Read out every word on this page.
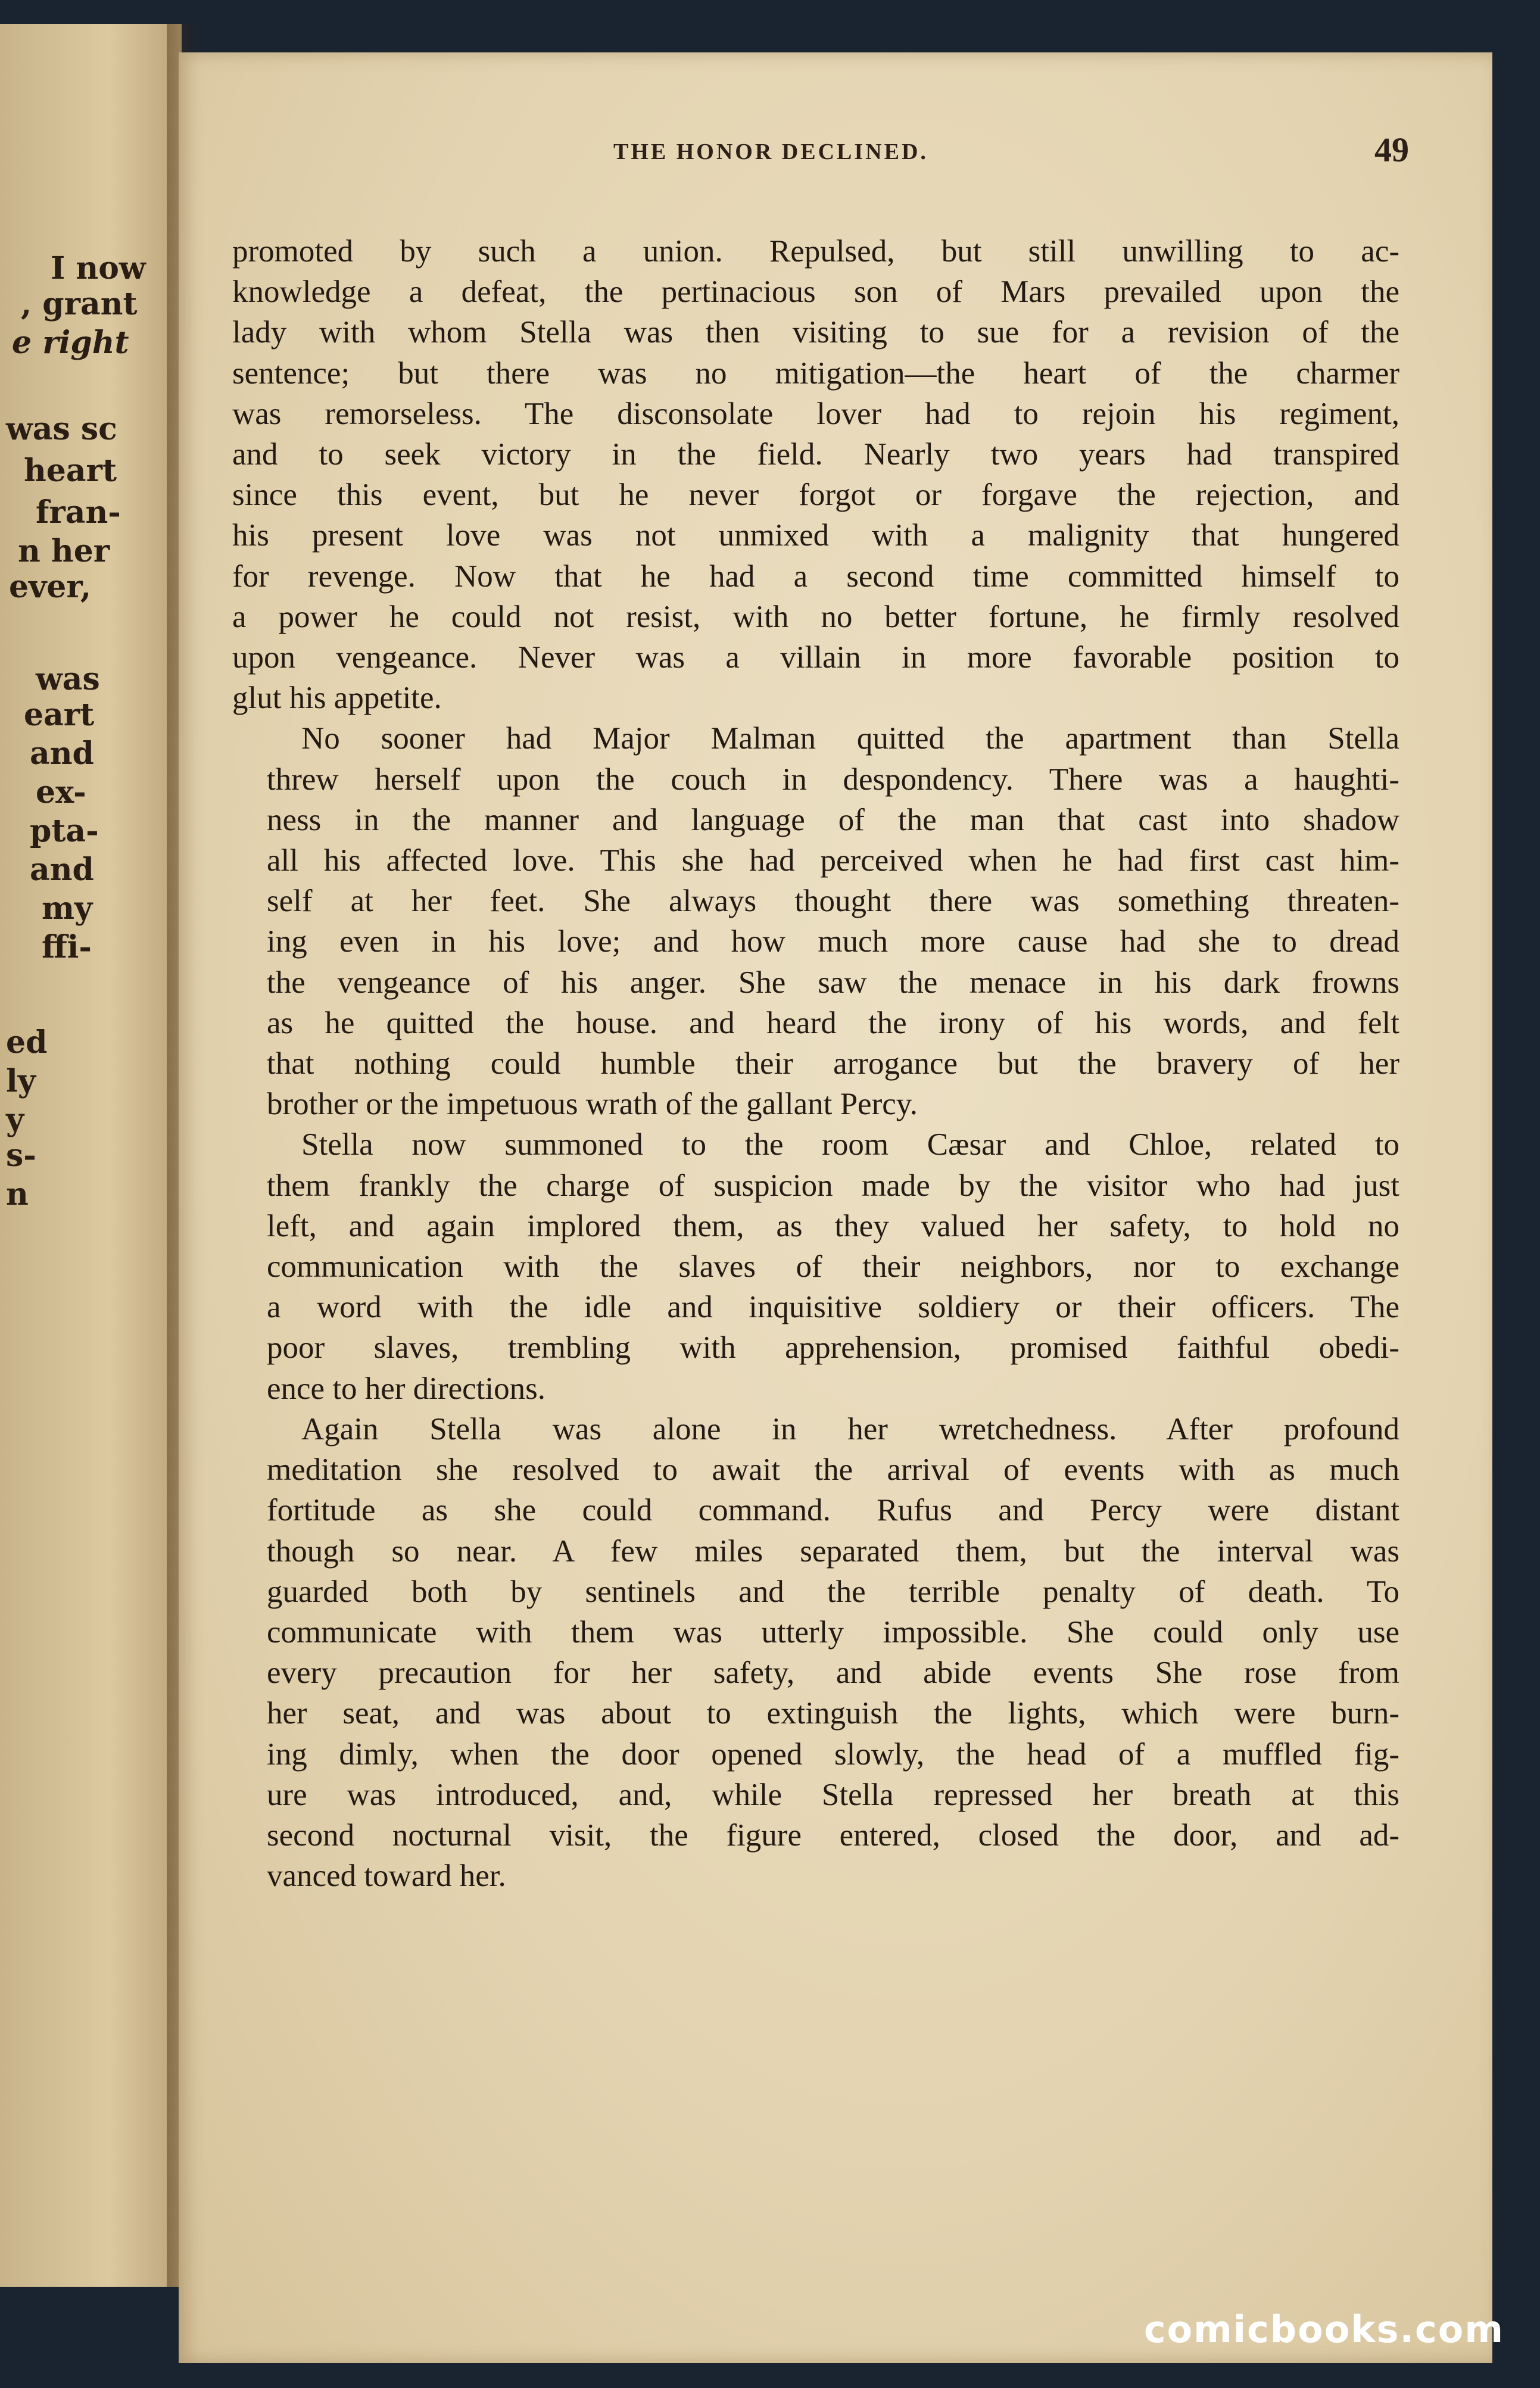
I now
, grant
e right
was sc
heart
fran-
n her
ever,
was
eart
and
ex-
pta-
and
my
ffi-
ed
ly
y
s-
n
THE HONOR DECLINED.	49

promoted by such a union. Repulsed, but still unwilling to ac-
knowledge a defeat, the pertinacious son of Mars prevailed upon the
lady with whom Stella was then visiting to sue for a revision of the
sentence; but there was no mitigation—the heart of the charmer
was remorseless. The disconsolate lover had to rejoin his regiment,
and to seek victory in the field. Nearly two years had transpired
since this event, but he never forgot or forgave the rejection, and
his present love was not unmixed with a malignity that hungered
for revenge. Now that he had a second time committed himself to
a power he could not resist, with no better fortune, he firmly resolved
upon vengeance. Never was a villain in more favorable position to
glut his appetite.

No sooner had Major Malman quitted the apartment than Stella
threw herself upon the couch in despondency. There was a haughti-
ness in the manner and language of the man that cast into shadow
all his affected love. This she had perceived when he had first cast him-
self at her feet. She always thought there was something threaten-
ing even in his love; and how much more cause had she to dread
the vengeance of his anger. She saw the menace in his dark frowns
as he quitted the house. and heard the irony of his words, and felt
that nothing could humble their arrogance but the bravery of her
brother or the impetuous wrath of the gallant Percy.

Stella now summoned to the room Cæsar and Chloe, related to
them frankly the charge of suspicion made by the visitor who had just
left, and again implored them, as they valued her safety, to hold no
communication with the slaves of their neighbors, nor to exchange
a word with the idle and inquisitive soldiery or their officers. The
poor slaves, trembling with apprehension, promised faithful obedi-
ence to her directions.

Again Stella was alone in her wretchedness. After profound
meditation she resolved to await the arrival of events with as much
fortitude as she could command. Rufus and Percy were distant
though so near. A few miles separated them, but the interval was
guarded both by sentinels and the terrible penalty of death. To
communicate with them was utterly impossible. She could only use
every precaution for her safety, and abide events She rose from
her seat, and was about to extinguish the lights, which were burn-
ing dimly, when the door opened slowly, the head of a muffled fig-
ure was introduced, and, while Stella repressed her breath at this
second nocturnal visit, the figure entered, closed the door, and ad-
vanced toward her.

comicbooks.com
